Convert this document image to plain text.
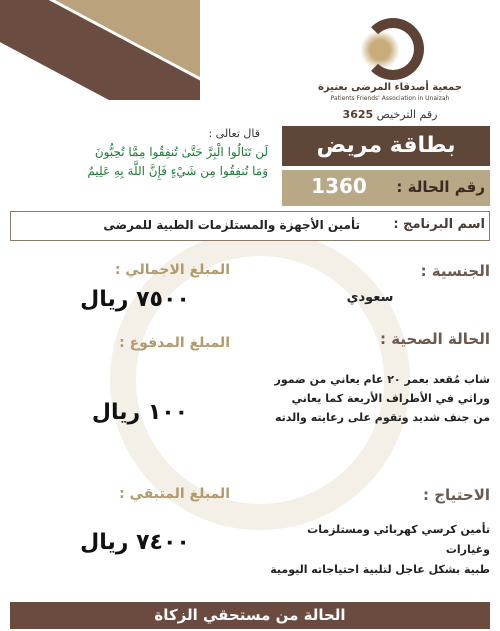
جمعية أصدقاء المرضى بعنيزة
Patients Friends' Association in Unaizah
رقم الترخيص 3625
قال تعالى :
لَن تَنَالُوا الْبِرَّ حَتَّىٰ تُنفِقُوا مِمَّا تُحِبُّونَ
وَمَا تُنفِقُوا مِن شَيْءٍ فَإِنَّ اللَّهَ بِهِ عَلِيمٌ
بطاقة مريض
رقم الحالة :
1360
اسم البرنامج :
تأمين الأجهزة والمستلزمات الطبية للمرضى
الجنسية :
سعودي
الحالة الصحية :
شاب مُقعد بعمر ٢٠ عام يعاني من ضمور
وراثي في الأطراف الأربعة كما يعاني
من جنف شديد وتقوم على رعايته والدته
الاحتياج :
تأمين كرسي كهربائي ومستلزمات وغيارات
طبية بشكل عاجل لتلبية احتياجاته اليومية
المبلغ الاجمالي :
٧٥٠٠ ريال
المبلغ المدفوع :
١٠٠ ريال
المبلغ المتبقي :
٧٤٠٠ ريال
الحالة من مستحقي الزكاة
